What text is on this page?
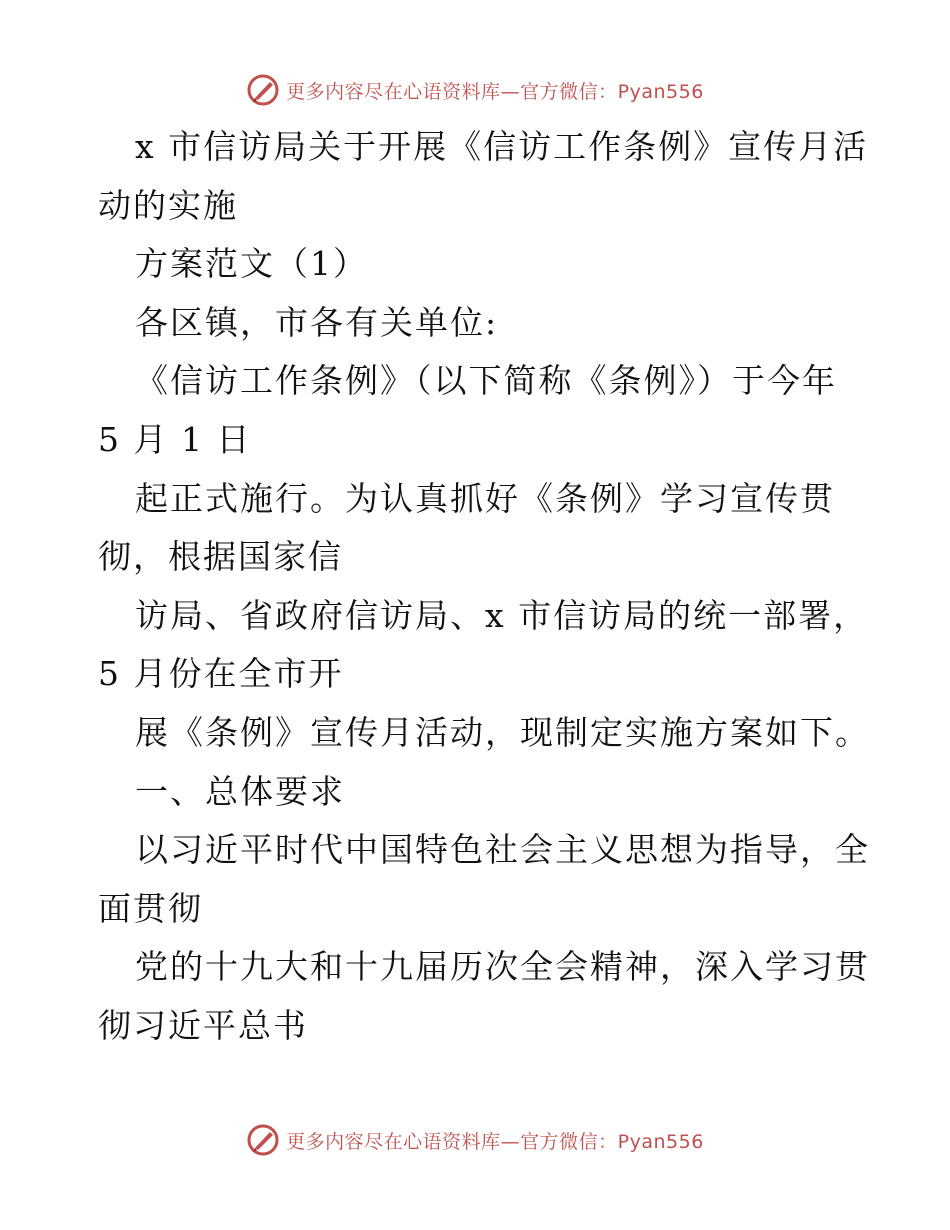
更多内容尽在心语资料库—官方微信：Pyan556
x 市信访局关于开展《信访工作条例》宣传月活
动的实施
方案范文（1）
各区镇，市各有关单位:
《信访工作条例》（以下简称《条例》）于今年
5 月 1 日
起正式施行。为认真抓好《条例》学习宣传贯
彻，根据国家信
访局、省政府信访局、x 市信访局的统一部署，
5 月份在全市开
展《条例》宣传月活动，现制定实施方案如下。
一、总体要求
以习近平时代中国特色社会主义思想为指导，全
面贯彻
党的十九大和十九届历次全会精神，深入学习贯
彻习近平总书
更多内容尽在心语资料库—官方微信：Pyan556
